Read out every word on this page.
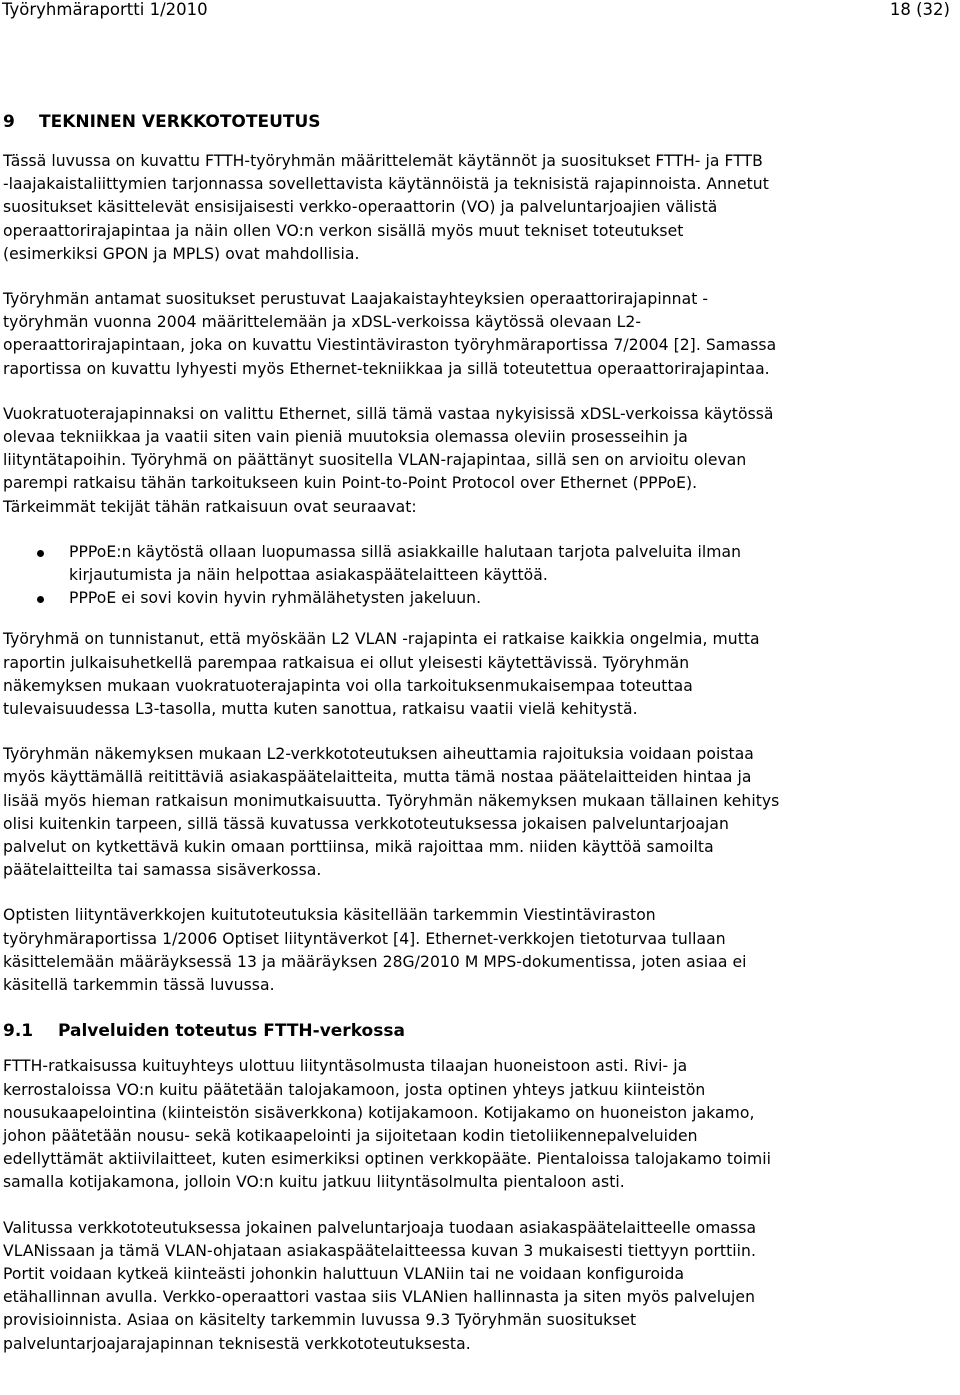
Työryhmäraportti 1/2010	18 (32)
9 TEKNINEN VERKKOTOTEUTUS
Tässä luvussa on kuvattu FTTH-työryhmän määrittelemät käytännöt ja suositukset FTTH- ja FTTB
-laajakaistaliittymien tarjonnassa sovellettavista käytännöistä ja teknisistä rajapinnoista. Annetut
suositukset käsittelevät ensisijaisesti verkko-operaattorin (VO) ja palveluntarjoajien välistä
operaattorirajapintaa ja näin ollen VO:n verkon sisällä myös muut tekniset toteutukset
(esimerkiksi GPON ja MPLS) ovat mahdollisia.
Työryhmän antamat suositukset perustuvat Laajakaistayhteyksien operaattorirajapinnat -
työryhmän vuonna 2004 määrittelemään ja xDSL-verkoissa käytössä olevaan L2-
operaattorirajapintaan, joka on kuvattu Viestintäviraston työryhmäraportissa 7/2004 [2]. Samassa
raportissa on kuvattu lyhyesti myös Ethernet-tekniikkaa ja sillä toteutettua operaattorirajapintaa.
Vuokratuoterajapinnaksi on valittu Ethernet, sillä tämä vastaa nykyisissä xDSL-verkoissa käytössä
olevaa tekniikkaa ja vaatii siten vain pieniä muutoksia olemassa oleviin prosesseihin ja
liityntätapoihin. Työryhmä on päättänyt suositella VLAN-rajapintaa, sillä sen on arvioitu olevan
parempi ratkaisu tähän tarkoitukseen kuin Point-to-Point Protocol over Ethernet (PPPoE).
Tärkeimmät tekijät tähän ratkaisuun ovat seuraavat:
PPPoE:n käytöstä ollaan luopumassa sillä asiakkaille halutaan tarjota palveluita ilman
kirjautumista ja näin helpottaa asiakaspäätelaitteen käyttöä.
PPPoE ei sovi kovin hyvin ryhmälähetysten jakeluun.
Työryhmä on tunnistanut, että myöskään L2 VLAN -rajapinta ei ratkaise kaikkia ongelmia, mutta
raportin julkaisuhetkellä parempaa ratkaisua ei ollut yleisesti käytettävissä. Työryhmän
näkemyksen mukaan vuokratuoterajapinta voi olla tarkoituksenmukaisempaa toteuttaa
tulevaisuudessa L3-tasolla, mutta kuten sanottua, ratkaisu vaatii vielä kehitystä.
Työryhmän näkemyksen mukaan L2-verkkototeutuksen aiheuttamia rajoituksia voidaan poistaa
myös käyttämällä reitittäviä asiakaspäätelaitteita, mutta tämä nostaa päätelaitteiden hintaa ja
lisää myös hieman ratkaisun monimutkaisuutta. Työryhmän näkemyksen mukaan tällainen kehitys
olisi kuitenkin tarpeen, sillä tässä kuvatussa verkkototeutuksessa jokaisen palveluntarjoajan
palvelut on kytkettävä kukin omaan porttiinsa, mikä rajoittaa mm. niiden käyttöä samoilta
päätelaitteilta tai samassa sisäverkossa.
Optisten liityntäverkkojen kuitutoteutuksia käsitellään tarkemmin Viestintäviraston
työryhmäraportissa 1/2006 Optiset liityntäverkot [4]. Ethernet-verkkojen tietoturvaa tullaan
käsittelemään määräyksessä 13 ja määräyksen 28G/2010 M MPS-dokumentissa, joten asiaa ei
käsitellä tarkemmin tässä luvussa.
9.1 Palveluiden toteutus FTTH-verkossa
FTTH-ratkaisussa kuituyhteys ulottuu liityntäsolmusta tilaajan huoneistoon asti. Rivi- ja
kerrostaloissa VO:n kuitu päätetään talojakamoon, josta optinen yhteys jatkuu kiinteistön
nousukaapelointina (kiinteistön sisäverkkona) kotijakamoon. Kotijakamo on huoneiston jakamo,
johon päätetään nousu- sekä kotikaapelointi ja sijoitetaan kodin tietoliikennepalveluiden
edellyttämät aktiivilaitteet, kuten esimerkiksi optinen verkkopääte. Pientaloissa talojakamo toimii
samalla kotijakamona, jolloin VO:n kuitu jatkuu liityntäsolmulta pientaloon asti.
Valitussa verkkototeutuksessa jokainen palveluntarjoaja tuodaan asiakaspäätelaitteelle omassa
VLANissaan ja tämä VLAN-ohjataan asiakaspäätelaitteessa kuvan 3 mukaisesti tiettyyn porttiin.
Portit voidaan kytkeä kiinteästi johonkin haluttuun VLANiin tai ne voidaan konfiguroida
etähallinnan avulla. Verkko-operaattori vastaa siis VLANien hallinnasta ja siten myös palvelujen
provisioinnista. Asiaa on käsitelty tarkemmin luvussa 9.3 Työryhmän suositukset
palveluntarjoajarajapinnan teknisestä verkkototeutuksesta.
